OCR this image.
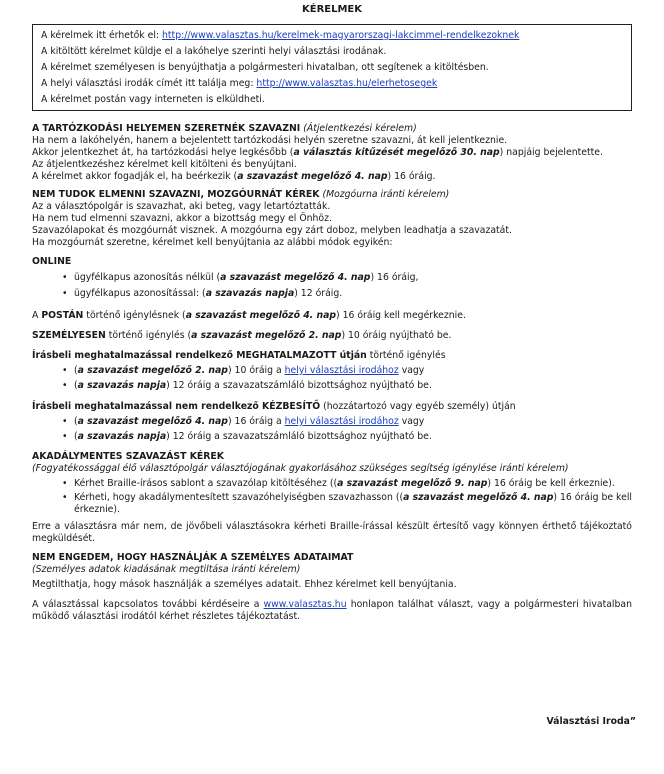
KÉRELMEK
A kérelmek itt érhetők el: http://www.valasztas.hu/kerelmek-magyarorszagi-lakcimmel-rendelkezoknek
A kitöltött kérelmet küldje el a lakóhelye szerinti helyi választási irodának.
A kérelmet személyesen is benyújthatja a polgármesteri hivatalban, ott segítenek a kitöltésben.
A helyi választási irodák címét itt találja meg: http://www.valasztas.hu/elerhetosegek
A kérelmet postán vagy interneten is elküldheti.
A TARTÓZKODÁSI HELYEMEN SZERETNÉK SZAVAZNI (Átjelentkezési kérelem)
Ha nem a lakóhelyén, hanem a bejelentett tartózkodási helyén szeretne szavazni, át kell jelentkeznie.
Akkor jelentkezhet át, ha tartózkodási helye legkésőbb (a választás kitűzését megelőző 30. nap) napjáig bejelentette.
Az átjelentkezéshez kérelmet kell kitölteni és benyújtani.
A kérelmet akkor fogadják el, ha beérkezik (a szavazást megelőző 4. nap) 16 óráig.
NEM TUDOK ELMENNI SZAVAZNI, MOZGÓURNÁT KÉREK (Mozgóurna iránti kérelem)
Az a választópolgár is szavazhat, aki beteg, vagy letartóztatták.
Ha nem tud elmenni szavazni, akkor a bizottság megy el Önhöz.
Szavazólapokat és mozgóurnát visznek. A mozgóurna egy zárt doboz, melyben leadhatja a szavazatát.
Ha mozgóurnát szeretne, kérelmet kell benyújtania az alábbi módok egyikén:
ONLINE
• ügyfélkapus azonosítás nélkül (a szavazást megelőző 4. nap) 16 óráig,
• ügyfélkapus azonosítással: (a szavazás napja) 12 óráig.
A POSTÁN történő igénylésnek (a szavazást megelőző 4. nap) 16 óráig kell megérkeznie.
SZEMÉLYESEN történő igénylés (a szavazást megelőző 2. nap) 10 óráig nyújtható be.
Írásbeli meghatalmazással rendelkező MEGHATALMAZOTT útján történő igénylés
• (a szavazást megelőző 2. nap) 10 óráig a helyi választási irodához vagy
• (a szavazás napja) 12 óráig a szavazatszámláló bizottsághoz nyújtható be.
Írásbeli meghatalmazással nem rendelkező KÉZBESÍTŐ (hozzátartozó vagy egyéb személy) útján
• (a szavazást megelőző 4. nap) 16 óráig a helyi választási irodához vagy
• (a szavazás napja) 12 óráig a szavazatszámláló bizottsághoz nyújtható be.
AKADÁLYMENTES SZAVAZÁST KÉREK
(Fogyatékossággal élő választópolgár választójogának gyakorlásához szükséges segítség igénylése iránti kérelem)
• Kérhet Braille-írásos sablont a szavazólap kitöltéséhez ((a szavazást megelőző 9. nap) 16 óráig be kell érkeznie).
• Kérheti, hogy akadálymentesített szavazóhelyiségben szavazhasson ((a szavazást megelőző 4. nap) 16 óráig be kell érkeznie).

Erre a választásra már nem, de jövőbeli választásokra kérheti Braille-írással készült értesítő vagy könnyen érthető tájékoztató megküldését.

NEM ENGEDEM, HOGY HASZNÁLJÁK A SZEMÉLYES ADATAIMAT
(Személyes adatok kiadásának megtiltása iránti kérelem)
Megtilthatja, hogy mások használják a személyes adatait. Ehhez kérelmet kell benyújtania.

A választással kapcsolatos további kérdéseire a www.valasztas.hu honlapon találhat választ, vagy a polgármesteri hivatalban működő választási irodától kérhet részletes tájékoztatást.

Választási Iroda”
